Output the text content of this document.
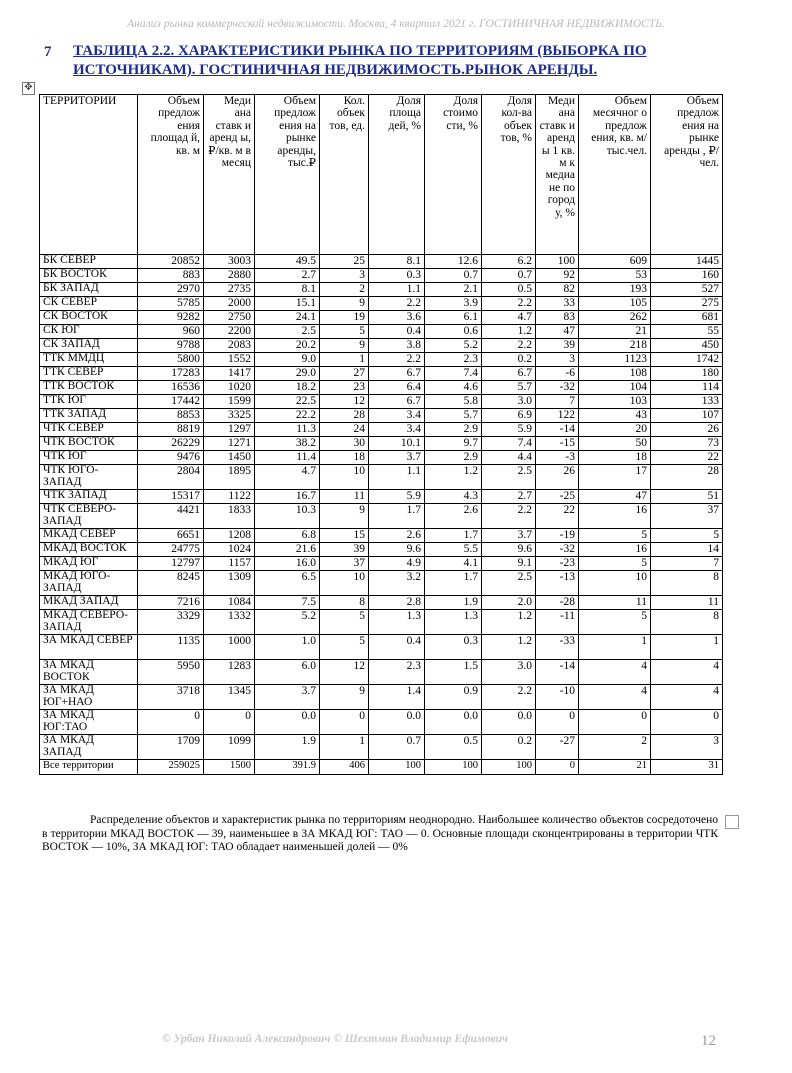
Анализ рынка коммерческой недвижимости. Москва, 4 квартал 2021 г. ГОСТИНИЧНАЯ НЕДВИЖИМОСТЬ.
7 ТАБЛИЦА 2.2. ХАРАКТЕРИСТИКИ РЫНКА ПО ТЕРРИТОРИЯМ (ВЫБОРКА ПО ИСТОЧНИКАМ). ГОСТИНИЧНАЯ НЕДВИЖИМОСТЬ.РЫНОК АРЕНДЫ.
✥
ТЕРРИТОРИИ	Объем предлож ения площад й, кв. м	Меди ана ставк и аренд ы, ₽/кв. м в месяц	Объем предлож ения на рынке аренды, тыс.₽	Кол. объек тов, ед.	Доля площа дей, %	Доля стоимо сти, %	Доля кол-ва объек тов, %	Меди ана ставк и аренд ы 1 кв. м к медиа не по город у, %	Объем месячног о предлож ения, кв. м/ тыс.чел.	Объем предлож ения на рынке аренды , ₽/чел.
БК СЕВЕР	20852	3003	49.5	25	8.1	12.6	6.2	100	609	1445
БК ВОСТОК	883	2880	2.7	3	0.3	0.7	0.7	92	53	160
БК ЗАПАД	2970	2735	8.1	2	1.1	2.1	0.5	82	193	527
СК СЕВЕР	5785	2000	15.1	9	2.2	3.9	2.2	33	105	275
СК ВОСТОК	9282	2750	24.1	19	3.6	6.1	4.7	83	262	681
СК ЮГ	960	2200	2.5	5	0.4	0.6	1.2	47	21	55
СК ЗАПАД	9788	2083	20.2	9	3.8	5.2	2.2	39	218	450
ТТК ММДЦ	5800	1552	9.0	1	2.2	2.3	0.2	3	1123	1742
ТТК СЕВЕР	17283	1417	29.0	27	6.7	7.4	6.7	-6	108	180
ТТК ВОСТОК	16536	1020	18.2	23	6.4	4.6	5.7	-32	104	114
ТТК ЮГ	17442	1599	22.5	12	6.7	5.8	3.0	7	103	133
ТТК ЗАПАД	8853	3325	22.2	28	3.4	5.7	6.9	122	43	107
ЧТК СЕВЕР	8819	1297	11.3	24	3.4	2.9	5.9	-14	20	26
ЧТК ВОСТОК	26229	1271	38.2	30	10.1	9.7	7.4	-15	50	73
ЧТК ЮГ	9476	1450	11.4	18	3.7	2.9	4.4	-3	18	22
ЧТК ЮГО-ЗАПАД	2804	1895	4.7	10	1.1	1.2	2.5	26	17	28
ЧТК ЗАПАД	15317	1122	16.7	11	5.9	4.3	2.7	-25	47	51
ЧТК СЕВЕРО-ЗАПАД	4421	1833	10.3	9	1.7	2.6	2.2	22	16	37
МКАД СЕВЕР	6651	1208	6.8	15	2.6	1.7	3.7	-19	5	5
МКАД ВОСТОК	24775	1024	21.6	39	9.6	5.5	9.6	-32	16	14
МКАД ЮГ	12797	1157	16.0	37	4.9	4.1	9.1	-23	5	7
МКАД ЮГО-ЗАПАД	8245	1309	6.5	10	3.2	1.7	2.5	-13	10	8
МКАД ЗАПАД	7216	1084	7.5	8	2.8	1.9	2.0	-28	11	11
МКАД СЕВЕРО-ЗАПАД	3329	1332	5.2	5	1.3	1.3	1.2	-11	5	8
ЗА МКАД СЕВЕР	1135	1000	1.0	5	0.4	0.3	1.2	-33	1	1
ЗА МКАД ВОСТОК	5950	1283	6.0	12	2.3	1.5	3.0	-14	4	4
ЗА МКАД ЮГ+НАО	3718	1345	3.7	9	1.4	0.9	2.2	-10	4	4
ЗА МКАД ЮГ:ТАО	0	0	0.0	0	0.0	0.0	0.0	0	0	0
ЗА МКАД ЗАПАД	1709	1099	1.9	1	0.7	0.5	0.2	-27	2	3
Все территории	259025	1500	391.9	406	100	100	100	0	21	31
Распределение объектов и характеристик рынка по территориям неоднородно. Наибольшее количество объектов сосредоточено в территории МКАД ВОСТОК — 39, наименьшее в ЗА МКАД ЮГ: ТАО — 0. Основные площади сконцентрированы в территории ЧТК ВОСТОК — 10%, ЗА МКАД ЮГ: ТАО обладает наименьшей долей — 0%
© Урбан Николай Александрович © Шехтман Владимир Ефимович	12
